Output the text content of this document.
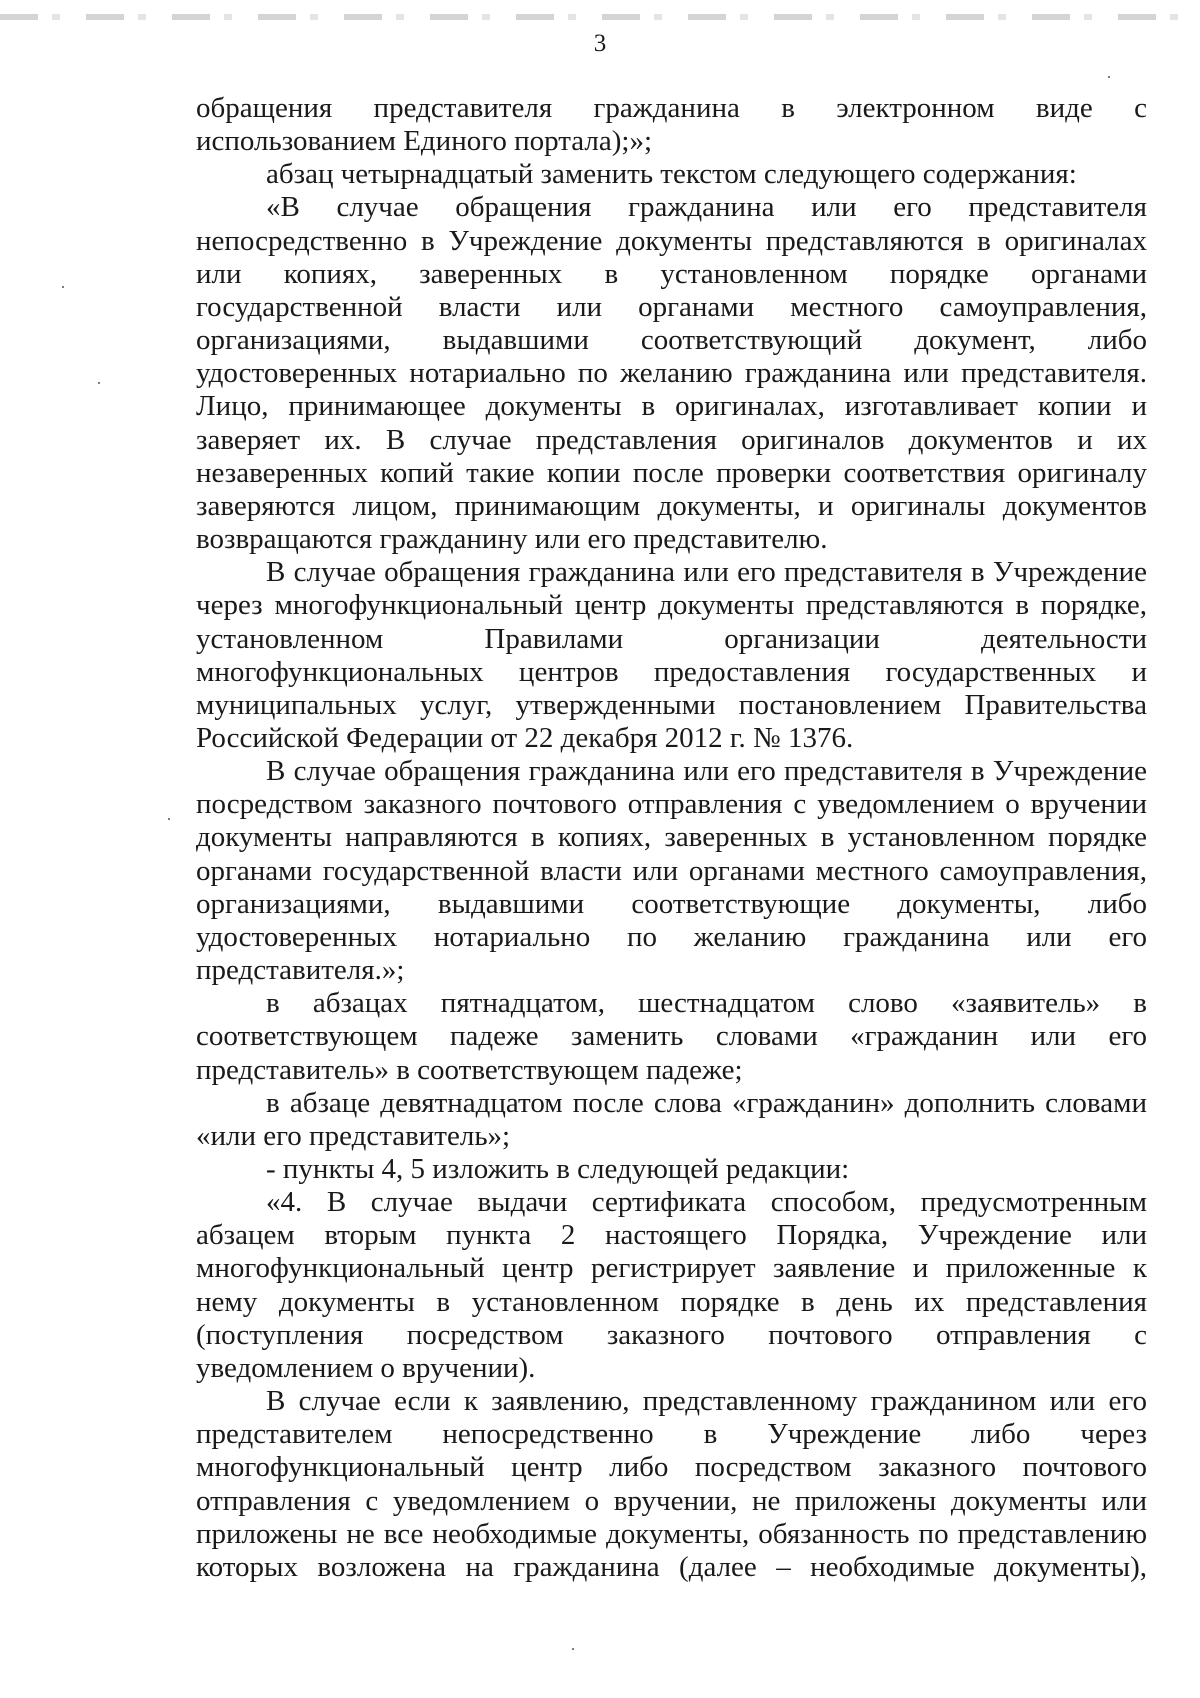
3

обращения представителя гражданина в электронном виде с использованием Единого портала);»;

абзац четырнадцатый заменить текстом следующего содержания:

«В случае обращения гражданина или его представителя непосредственно в Учреждение документы представляются в оригиналах или копиях, заверенных в установленном порядке органами государственной власти или органами местного самоуправления, организациями, выдавшими соответствующий документ, либо удостоверенных нотариально по желанию гражданина или представителя. Лицо, принимающее документы в оригиналах, изготавливает копии и заверяет их. В случае представления оригиналов документов и их незаверенных копий такие копии после проверки соответствия оригиналу заверяются лицом, принимающим документы, и оригиналы документов возвращаются гражданину или его представителю.

В случае обращения гражданина или его представителя в Учреждение через многофункциональный центр документы представляются в порядке, установленном Правилами организации деятельности многофункциональных центров предоставления государственных и муниципальных услуг, утвержденными постановлением Правительства Российской Федерации от 22 декабря 2012 г. № 1376.

В случае обращения гражданина или его представителя в Учреждение посредством заказного почтового отправления с уведомлением о вручении документы направляются в копиях, заверенных в установленном порядке органами государственной власти или органами местного самоуправления, организациями, выдавшими соответствующие документы, либо удостоверенных нотариально по желанию гражданина или его представителя.»;

в абзацах пятнадцатом, шестнадцатом слово «заявитель» в соответствующем падеже заменить словами «гражданин или его представитель» в соответствующем падеже;

в абзаце девятнадцатом после слова «гражданин» дополнить словами «или его представитель»;

- пункты 4, 5 изложить в следующей редакции:

«4. В случае выдачи сертификата способом, предусмотренным абзацем вторым пункта 2 настоящего Порядка, Учреждение или многофункциональный центр регистрирует заявление и приложенные к нему документы в установленном порядке в день их представления (поступления посредством заказного почтового отправления с уведомлением о вручении).

В случае если к заявлению, представленному гражданином или его представителем непосредственно в Учреждение либо через многофункциональный центр либо посредством заказного почтового отправления с уведомлением о вручении, не приложены документы или приложены не все необходимые документы, обязанность по представлению которых возложена на гражданина (далее – необходимые документы),
